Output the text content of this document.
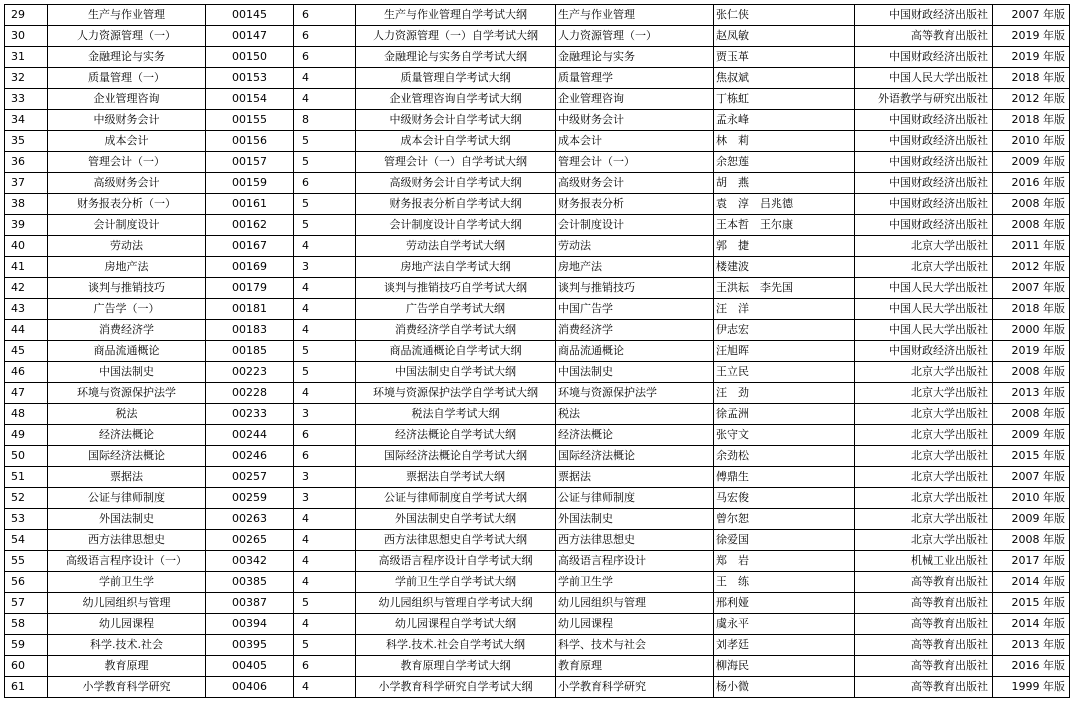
29	生产与作业管理	00145	6	生产与作业管理自学考试大纲	生产与作业管理	张仁侠	中国财政经济出版社	2007 年版
30	人力资源管理（一）	00147	6	人力资源管理（一）自学考试大纲	人力资源管理（一）	赵凤敏	高等教育出版社	2019 年版
31	金融理论与实务	00150	6	金融理论与实务自学考试大纲	金融理论与实务	贾玉革	中国财政经济出版社	2019 年版
32	质量管理（一）	00153	4	质量管理自学考试大纲	质量管理学	焦叔斌	中国人民大学出版社	2018 年版
33	企业管理咨询	00154	4	企业管理咨询自学考试大纲	企业管理咨询	丁栋虹	外语教学与研究出版社	2012 年版
34	中级财务会计	00155	8	中级财务会计自学考试大纲	中级财务会计	孟永峰	中国财政经济出版社	2018 年版
35	成本会计	00156	5	成本会计自学考试大纲	成本会计	林　莉	中国财政经济出版社	2010 年版
36	管理会计（一）	00157	5	管理会计（一）自学考试大纲	管理会计（一）	余恕莲	中国财政经济出版社	2009 年版
37	高级财务会计	00159	6	高级财务会计自学考试大纲	高级财务会计	胡　燕	中国财政经济出版社	2016 年版
38	财务报表分析（一）	00161	5	财务报表分析自学考试大纲	财务报表分析	袁　淳　吕兆德	中国财政经济出版社	2008 年版
39	会计制度设计	00162	5	会计制度设计自学考试大纲	会计制度设计	王本哲　王尔康	中国财政经济出版社	2008 年版
40	劳动法	00167	4	劳动法自学考试大纲	劳动法	郭　捷	北京大学出版社	2011 年版
41	房地产法	00169	3	房地产法自学考试大纲	房地产法	楼建波	北京大学出版社	2012 年版
42	谈判与推销技巧	00179	4	谈判与推销技巧自学考试大纲	谈判与推销技巧	王洪耘　李先国	中国人民大学出版社	2007 年版
43	广告学（一）	00181	4	广告学自学考试大纲	中国广告学	汪　洋	中国人民大学出版社	2018 年版
44	消费经济学	00183	4	消费经济学自学考试大纲	消费经济学	伊志宏	中国人民大学出版社	2000 年版
45	商品流通概论	00185	5	商品流通概论自学考试大纲	商品流通概论	汪旭晖	中国财政经济出版社	2019 年版
46	中国法制史	00223	5	中国法制史自学考试大纲	中国法制史	王立民	北京大学出版社	2008 年版
47	环境与资源保护法学	00228	4	环境与资源保护法学自学考试大纲	环境与资源保护法学	汪　劲	北京大学出版社	2013 年版
48	税法	00233	3	税法自学考试大纲	税法	徐孟洲	北京大学出版社	2008 年版
49	经济法概论	00244	6	经济法概论自学考试大纲	经济法概论	张守文	北京大学出版社	2009 年版
50	国际经济法概论	00246	6	国际经济法概论自学考试大纲	国际经济法概论	余劲松	北京大学出版社	2015 年版
51	票据法	00257	3	票据法自学考试大纲	票据法	傅鼎生	北京大学出版社	2007 年版
52	公证与律师制度	00259	3	公证与律师制度自学考试大纲	公证与律师制度	马宏俊	北京大学出版社	2010 年版
53	外国法制史	00263	4	外国法制史自学考试大纲	外国法制史	曾尔恕	北京大学出版社	2009 年版
54	西方法律思想史	00265	4	西方法律思想史自学考试大纲	西方法律思想史	徐爱国	北京大学出版社	2008 年版
55	高级语言程序设计（一）	00342	4	高级语言程序设计自学考试大纲	高级语言程序设计	郑　岩	机械工业出版社	2017 年版
56	学前卫生学	00385	4	学前卫生学自学考试大纲	学前卫生学	王　练	高等教育出版社	2014 年版
57	幼儿园组织与管理	00387	5	幼儿园组织与管理自学考试大纲	幼儿园组织与管理	邢利娅	高等教育出版社	2015 年版
58	幼儿园课程	00394	4	幼儿园课程自学考试大纲	幼儿园课程	虞永平	高等教育出版社	2014 年版
59	科学.技术.社会	00395	5	科学.技术.社会自学考试大纲	科学、技术与社会	刘孝廷	高等教育出版社	2013 年版
60	教育原理	00405	6	教育原理自学考试大纲	教育原理	柳海民	高等教育出版社	2016 年版
61	小学教育科学研究	00406	4	小学教育科学研究自学考试大纲	小学教育科学研究	杨小微	高等教育出版社	1999 年版
